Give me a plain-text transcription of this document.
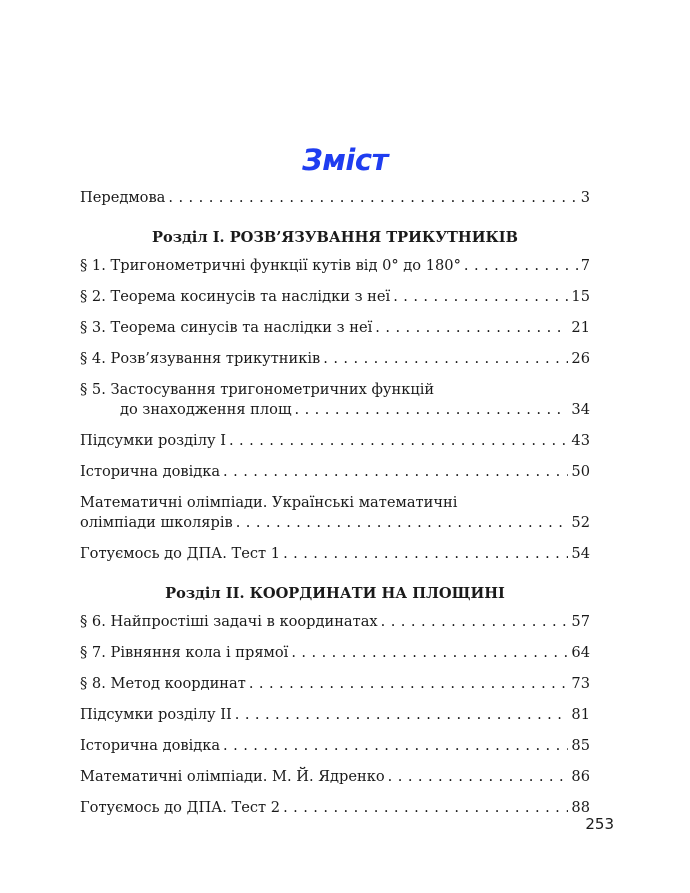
Зміст
Передмова . . .	3
Розділ I. РОЗВ’ЯЗУВАННЯ ТРИКУТНИКІВ
§ 1. Тригонометричні функції кутів від 0° до 180° . . .	7
§ 2. Теорема косинусів та наслідки з неї . . .	15
§ 3. Теорема синусів та наслідки з неї . . .	21
§ 4. Розв’язування трикутників . . .	26
§ 5. Застосування тригонометричних функцій
до знаходження площ . . .	34
Підсумки розділу I . . .	43
Історична довідка . . .	50
Математичні олімпіади. Українські математичні
олімпіади школярів . . .	52
Готуємось до ДПА. Тест 1 . . .	54
Розділ II. КООРДИНАТИ НА ПЛОЩИНІ
§ 6. Найпростіші задачі в координатах . . .	57
§ 7. Рівняння кола і прямої . . .	64
§ 8. Метод координат . . .	73
Підсумки розділу II . . .	81
Історична довідка . . .	85
Математичні олімпіади. М. Й. Ядренко . . .	86
Готуємось до ДПА. Тест 2 . . .	88
253
